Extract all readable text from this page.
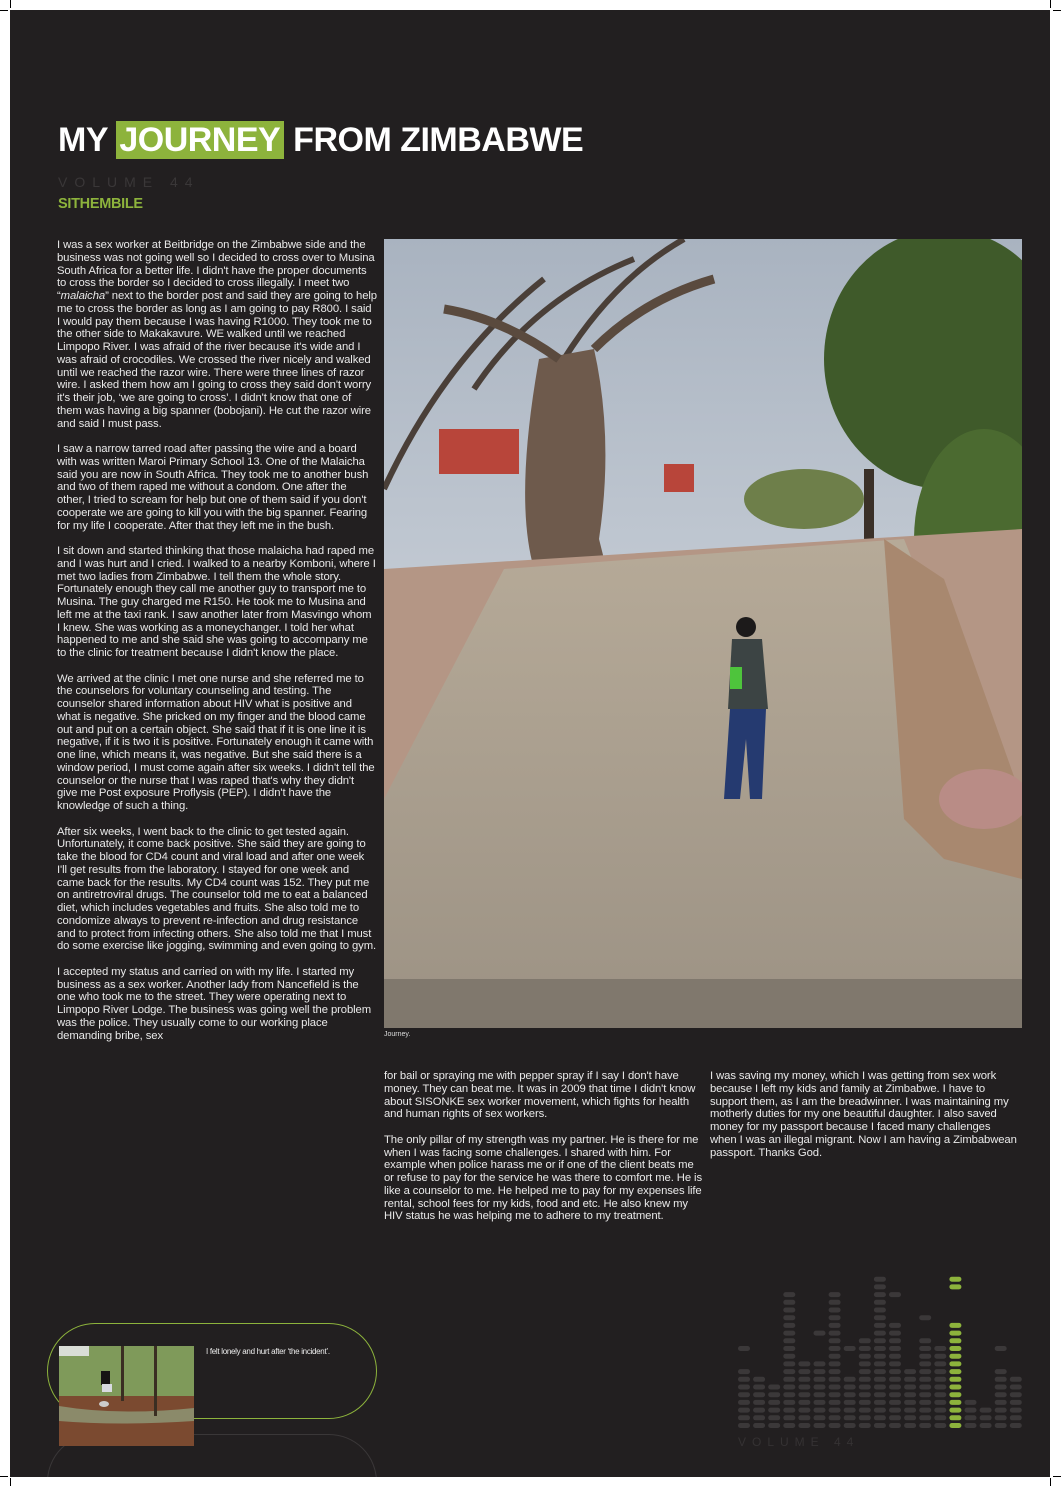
MY JOURNEY FROM ZIMBABWE
VOLUME 44
SITHEMBILE

I was a sex worker at Beitbridge on the Zimbabwe side and the business was not going well so I decided to cross over to Musina South Africa for a better life. I didn't have the proper documents to cross the border so I decided to cross illegally. I meet two “malaicha” next to the border post and said they are going to help me to cross the border as long as I am going to pay R800. I said I would pay them because I was having R1000. They took me to the other side to Makakavure. WE walked until we reached Limpopo River. I was afraid of the river because it's wide and I was afraid of crocodiles. We crossed the river nicely and walked until we reached the razor wire. There were three lines of razor wire. I asked them how am I going to cross they said don't worry it's their job, ‘we are going to cross’. I didn't know that one of them was having a big spanner (bobojani). He cut the razor wire and said I must pass.

I saw a narrow tarred road after passing the wire and a board with was written Maroi Primary School 13. One of the Malaicha said you are now in South Africa. They took me to another bush and two of them raped me without a condom. One after the other, I tried to scream for help but one of them said if you don't cooperate we are going to kill you with the big spanner. Fearing for my life I cooperate. After that they left me in the bush.

I sit down and started thinking that those malaicha had raped me and I was hurt and I cried. I walked to a nearby Komboni, where I met two ladies from Zimbabwe. I tell them the whole story. Fortunately enough they call me another guy to transport me to Musina. The guy charged me R150. He took me to Musina and left me at the taxi rank. I saw another later from Masvingo whom I knew. She was working as a moneychanger. I told her what happened to me and she said she was going to accompany me to the clinic for treatment because I didn't know the place.

We arrived at the clinic I met one nurse and she referred me to the counselors for voluntary counseling and testing. The counselor shared information about HIV what is positive and what is negative. She pricked on my finger and the blood came out and put on a certain object. She said that if it is one line it is negative, if it is two it is positive. Fortunately enough it came with one line, which means it, was negative. But she said there is a window period, I must come again after six weeks. I didn't tell the counselor or the nurse that I was raped that's why they didn't give me Post exposure Proflysis (PEP). I didn't have the knowledge of such a thing.

After six weeks, I went back to the clinic to get tested again. Unfortunately, it come back positive. She said they are going to take the blood for CD4 count and viral load and after one week I'll get results from the laboratory. I stayed for one week and came back for the results. My CD4 count was 152. They put me on antiretroviral drugs. The counselor told me to eat a balanced diet, which includes vegetables and fruits. She also told me to condomize always to prevent re-infection and drug resistance and to protect from infecting others. She also told me that I must do some exercise like jogging, swimming and even going to gym.

I accepted my status and carried on with my life. I started my business as a sex worker. Another lady from Nancefield is the one who took me to the street. They were operating next to Limpopo River Lodge. The business was going well the problem was the police. They usually come to our working place demanding bribe, sex	Journey.

for bail or spraying me with pepper spray if I say I don't have money. They can beat me. It was in 2009 that time I didn't know about SISONKE sex worker movement, which fights for health and human rights of sex workers.

The only pillar of my strength was my partner. He is there for me when I was facing some challenges. I shared with him. For example when police harass me or if one of the client beats me or refuse to pay for the service he was there to comfort me. He is like a counselor to me. He helped me to pay for my expenses life rental, school fees for my kids, food and etc. He also knew my HIV status he was helping me to adhere to my treatment.

I was saving my money, which I was getting from sex work because I left my kids and family at Zimbabwe. I have to support them, as I am the breadwinner. I was maintaining my motherly duties for my one beautiful daughter. I also saved money for my passport because I faced many challenges when I was an illegal migrant. Now I am having a Zimbabwean passport. Thanks God.

I felt lonely and hurt after ‘the incident’.
VOLUME 44
